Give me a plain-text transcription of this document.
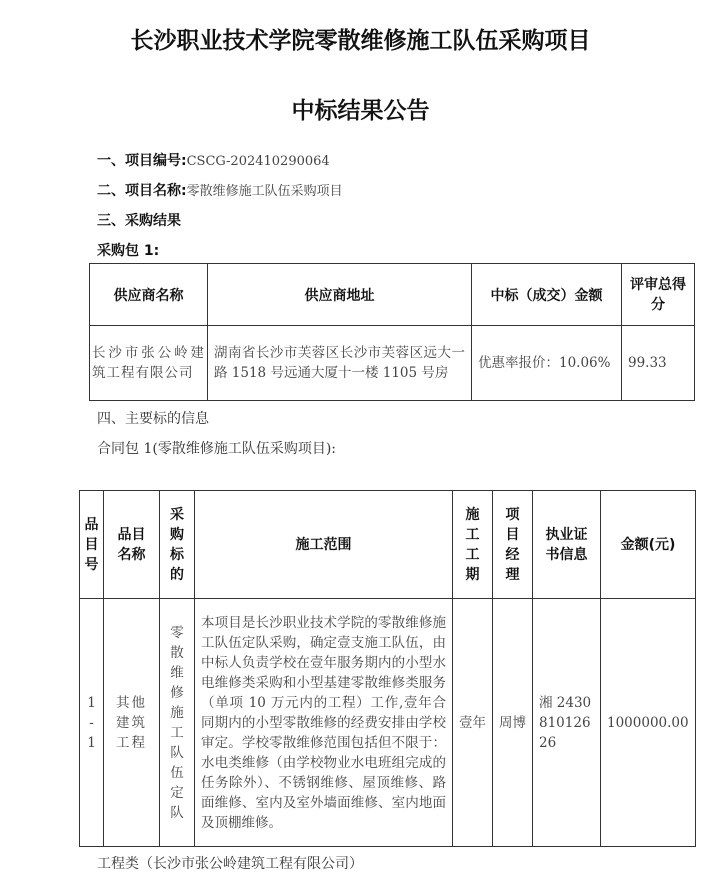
长沙职业技术学院零散维修施工队伍采购项目
中标结果公告
一、项目编号:CSCG-202410290064
二、项目名称:零散维修施工队伍采购项目
三、采购结果
采购包 1:
供应商名称	供应商地址	中标（成交）金额	评审总得分
长沙市张公岭建筑工程有限公司	湖南省长沙市芙蓉区长沙市芙蓉区远大一路 1518 号远通大厦十一楼 1105 号房	优惠率报价：10.06%	99.33
四、主要标的信息
合同包 1(零散维修施工队伍采购项目):
品目号	品目名称	采购标的	施工范围	施工工期	项目经理	执业证书信息	金额(元)
1-1	其他建筑工程	零散维修施工队伍定队	本项目是长沙职业技术学院的零散维修施工队伍定队采购，确定壹支施工队伍，由中标人负责学校在壹年服务期内的小型水电维修类采购和小型基建零散维修类服务（单项 10 万元内的工程）工作,壹年合同期内的小型零散维修的经费安排由学校审定。学校零散维修范围包括但不限于：水电类维修（由学校物业水电班组完成的任务除外）、不锈钢维修、屋顶维修、路面维修、室内及室外墙面维修、室内地面及顶棚维修。	壹年	周博	湘 243081012626	1000000.00
工程类（长沙市张公岭建筑工程有限公司）
